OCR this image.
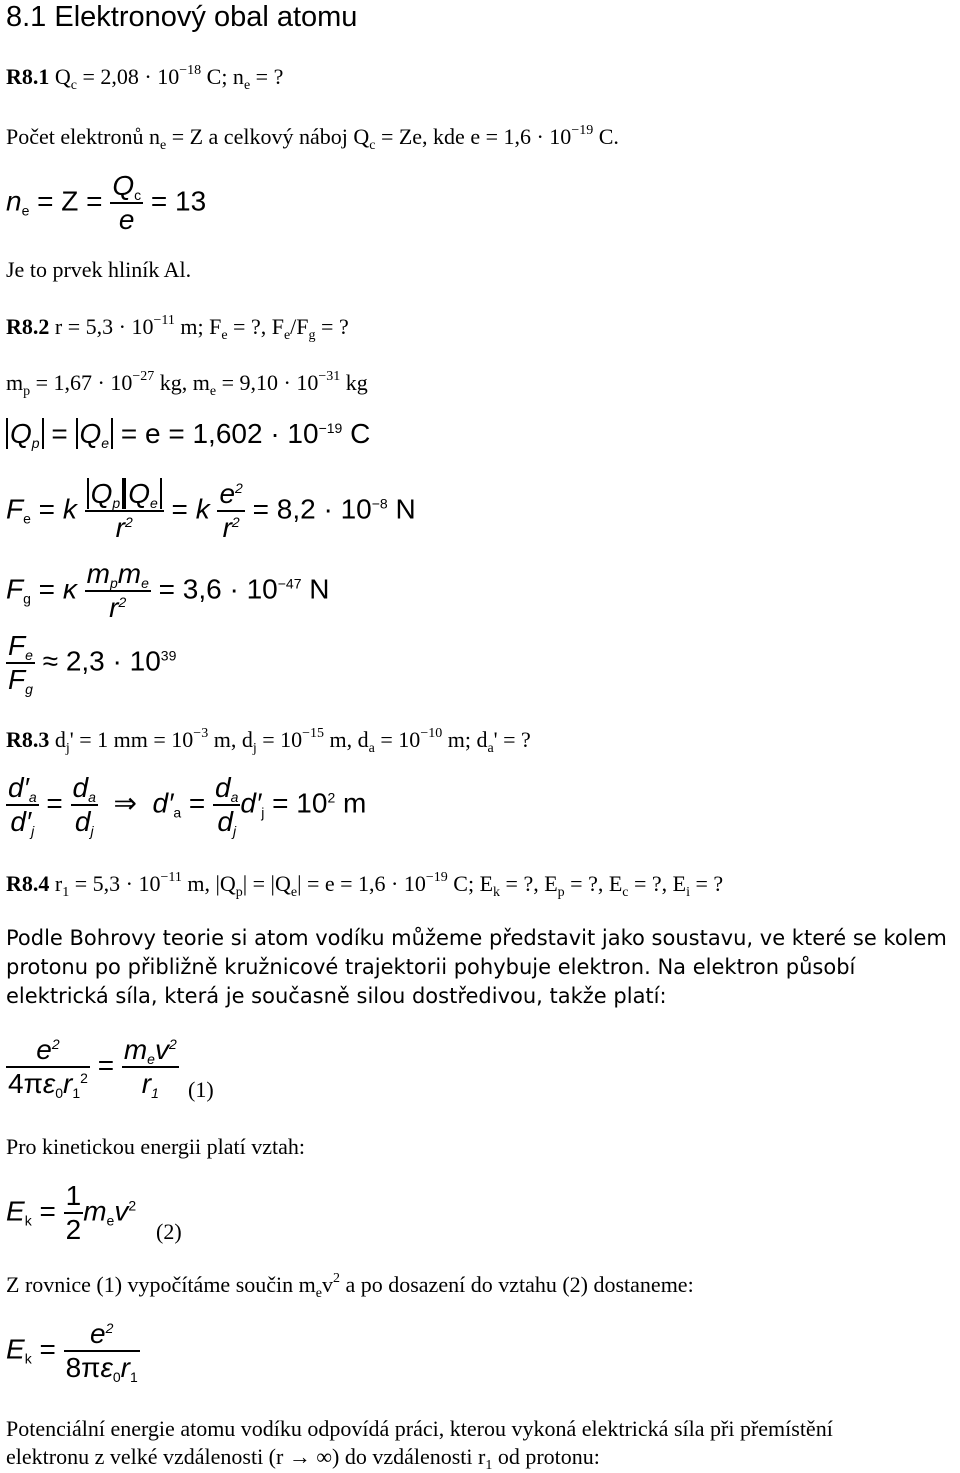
8.1 Elektronový obal atomu
R8.1 $Q_c = 2,08 \cdot 10^{-18}$ C; $n_e$ = ?
Počet elektronů $n_e = Z$ a celkový náboj $Q_c = Ze$, kde $e = 1,6 \cdot 10^{-19}$ C.
$n_e = Z = \frac{Q_c}{e} = 13$
Je to prvek hliník Al.
R8.2 $r = 5,3 \cdot 10^{-11}$ m; $F_e$ = ?, $F_e/F_g$ = ?
$m_p = 1,67 \cdot 10^{-27}$ kg, $m_e = 9,10 \cdot 10^{-31}$ kg
$Q_p = Q_e = e = 1,602 \cdot 10^{-19}$ C
$F_e = k \frac{Q_p Q_e}{r^2} = k \frac{e^2}{r^2} = 8,2 \cdot 10^{-8}$ N
$F_g = \kappa \frac{m_pm_e}{r^2} = 3,6 \cdot 10^{-47}$ N
$\frac{F_e}{F_g} \approx 2,3 \cdot 10^{39}$
R8.3 $d_j' = 1$ mm = $10^{-3}$ m, $d_j = 10^{-15}$ m, $d_a = 10^{-10}$ m; $d_a'$ = ?
$\frac{d'_a}{d'_j} = \frac{d_a}{d_j}$ ⇒  $d'_a = \frac{d_a}{d_j} d'_j = 10^2$ m
R8.4 $r_1 = 5,3 \cdot 10^{-11}$ m, $|Q_p| = |Q_e| = e = 1,6 \cdot 10^{-19}$ C; $E_k$ = ?, $E_p$ = ?, $E_c$ = ?, $E_i$ = ?
Podle Bohrovy teorie si atom vodíku můžeme představit jako soustavu, ve které se kolem protonu po přibližně kružnicové trajektorii pohybuje elektron. Na elektron působí elektrická síla, která je současně silou dostředivou, takže platí:
$\frac{e^2}{4\pi\varepsilon_0r_1^2} = \frac{m_ev^2}{r_1} (1)$
Pro kinetickou energii platí vztah:
$E_k = \frac{1}{2} m_ev^2$
(2)
Z rovnice (1) vypočítáme součin $m_ev^2$ a po dosazení do vztahu (2) dostaneme:
$E_k = \frac{e^2}{8\pi\varepsilon_0r_1}$
Potenciální energie atomu vodíku odpovídá práci, kterou vykoná elektrická síla při přemístění
elektronu z velké vzdálenosti (r → ∞) do vzdálenosti $r_1$ od protonu:
